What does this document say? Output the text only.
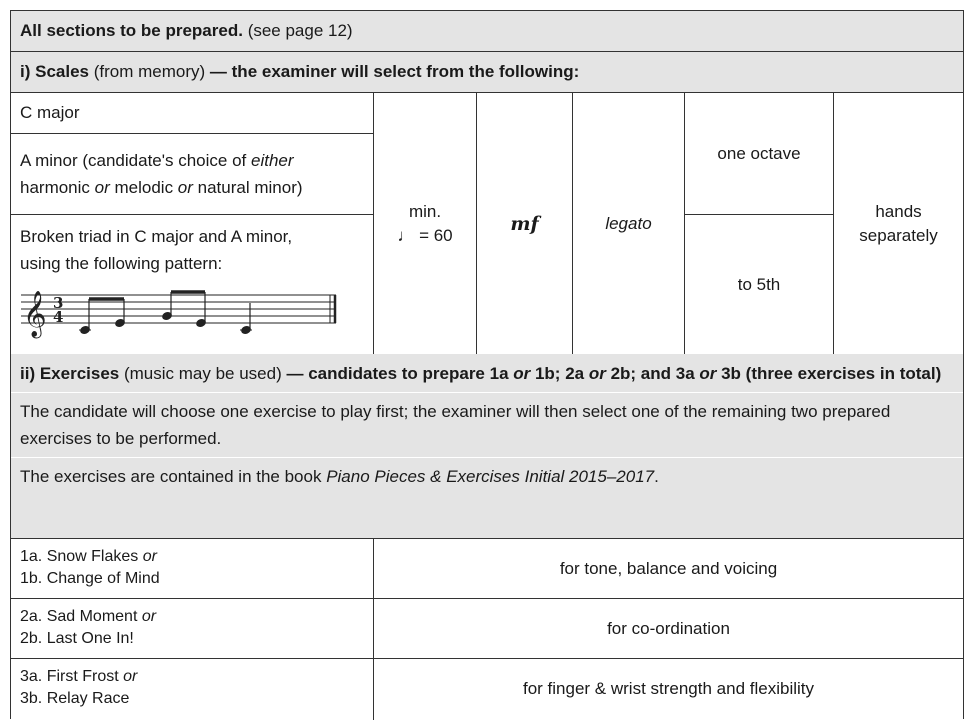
All sections to be prepared.
(see page 12)
i) Scales
(from memory)
— the examiner will select from the following:
C major
A minor (candidate's choice of either
harmonic or melodic or natural minor)
Broken triad in C major and A minor,
using the following pattern:
𝄞 3
4
min.
♩ = 60
mf	legato
one octave
to 5th
hands
separately

ii) Exercises (music may be used) — candidates to prepare 1a or 1b; 2a or 2b; and 3a or 3b (three exercises in total)

The candidate will choose one exercise to play first; the examiner will then select one of the remaining two prepared exercises to be performed.

The exercises are contained in the book Piano Pieces & Exercises Initial 2015–2017.

1a. Snow Flakes or
1b. Change of Mind
for tone, balance and voicing
2a. Sad Moment or
2b. Last One In!
for co-ordination
3a. First Frost or
3b. Relay Race
for finger & wrist strength and flexibility
